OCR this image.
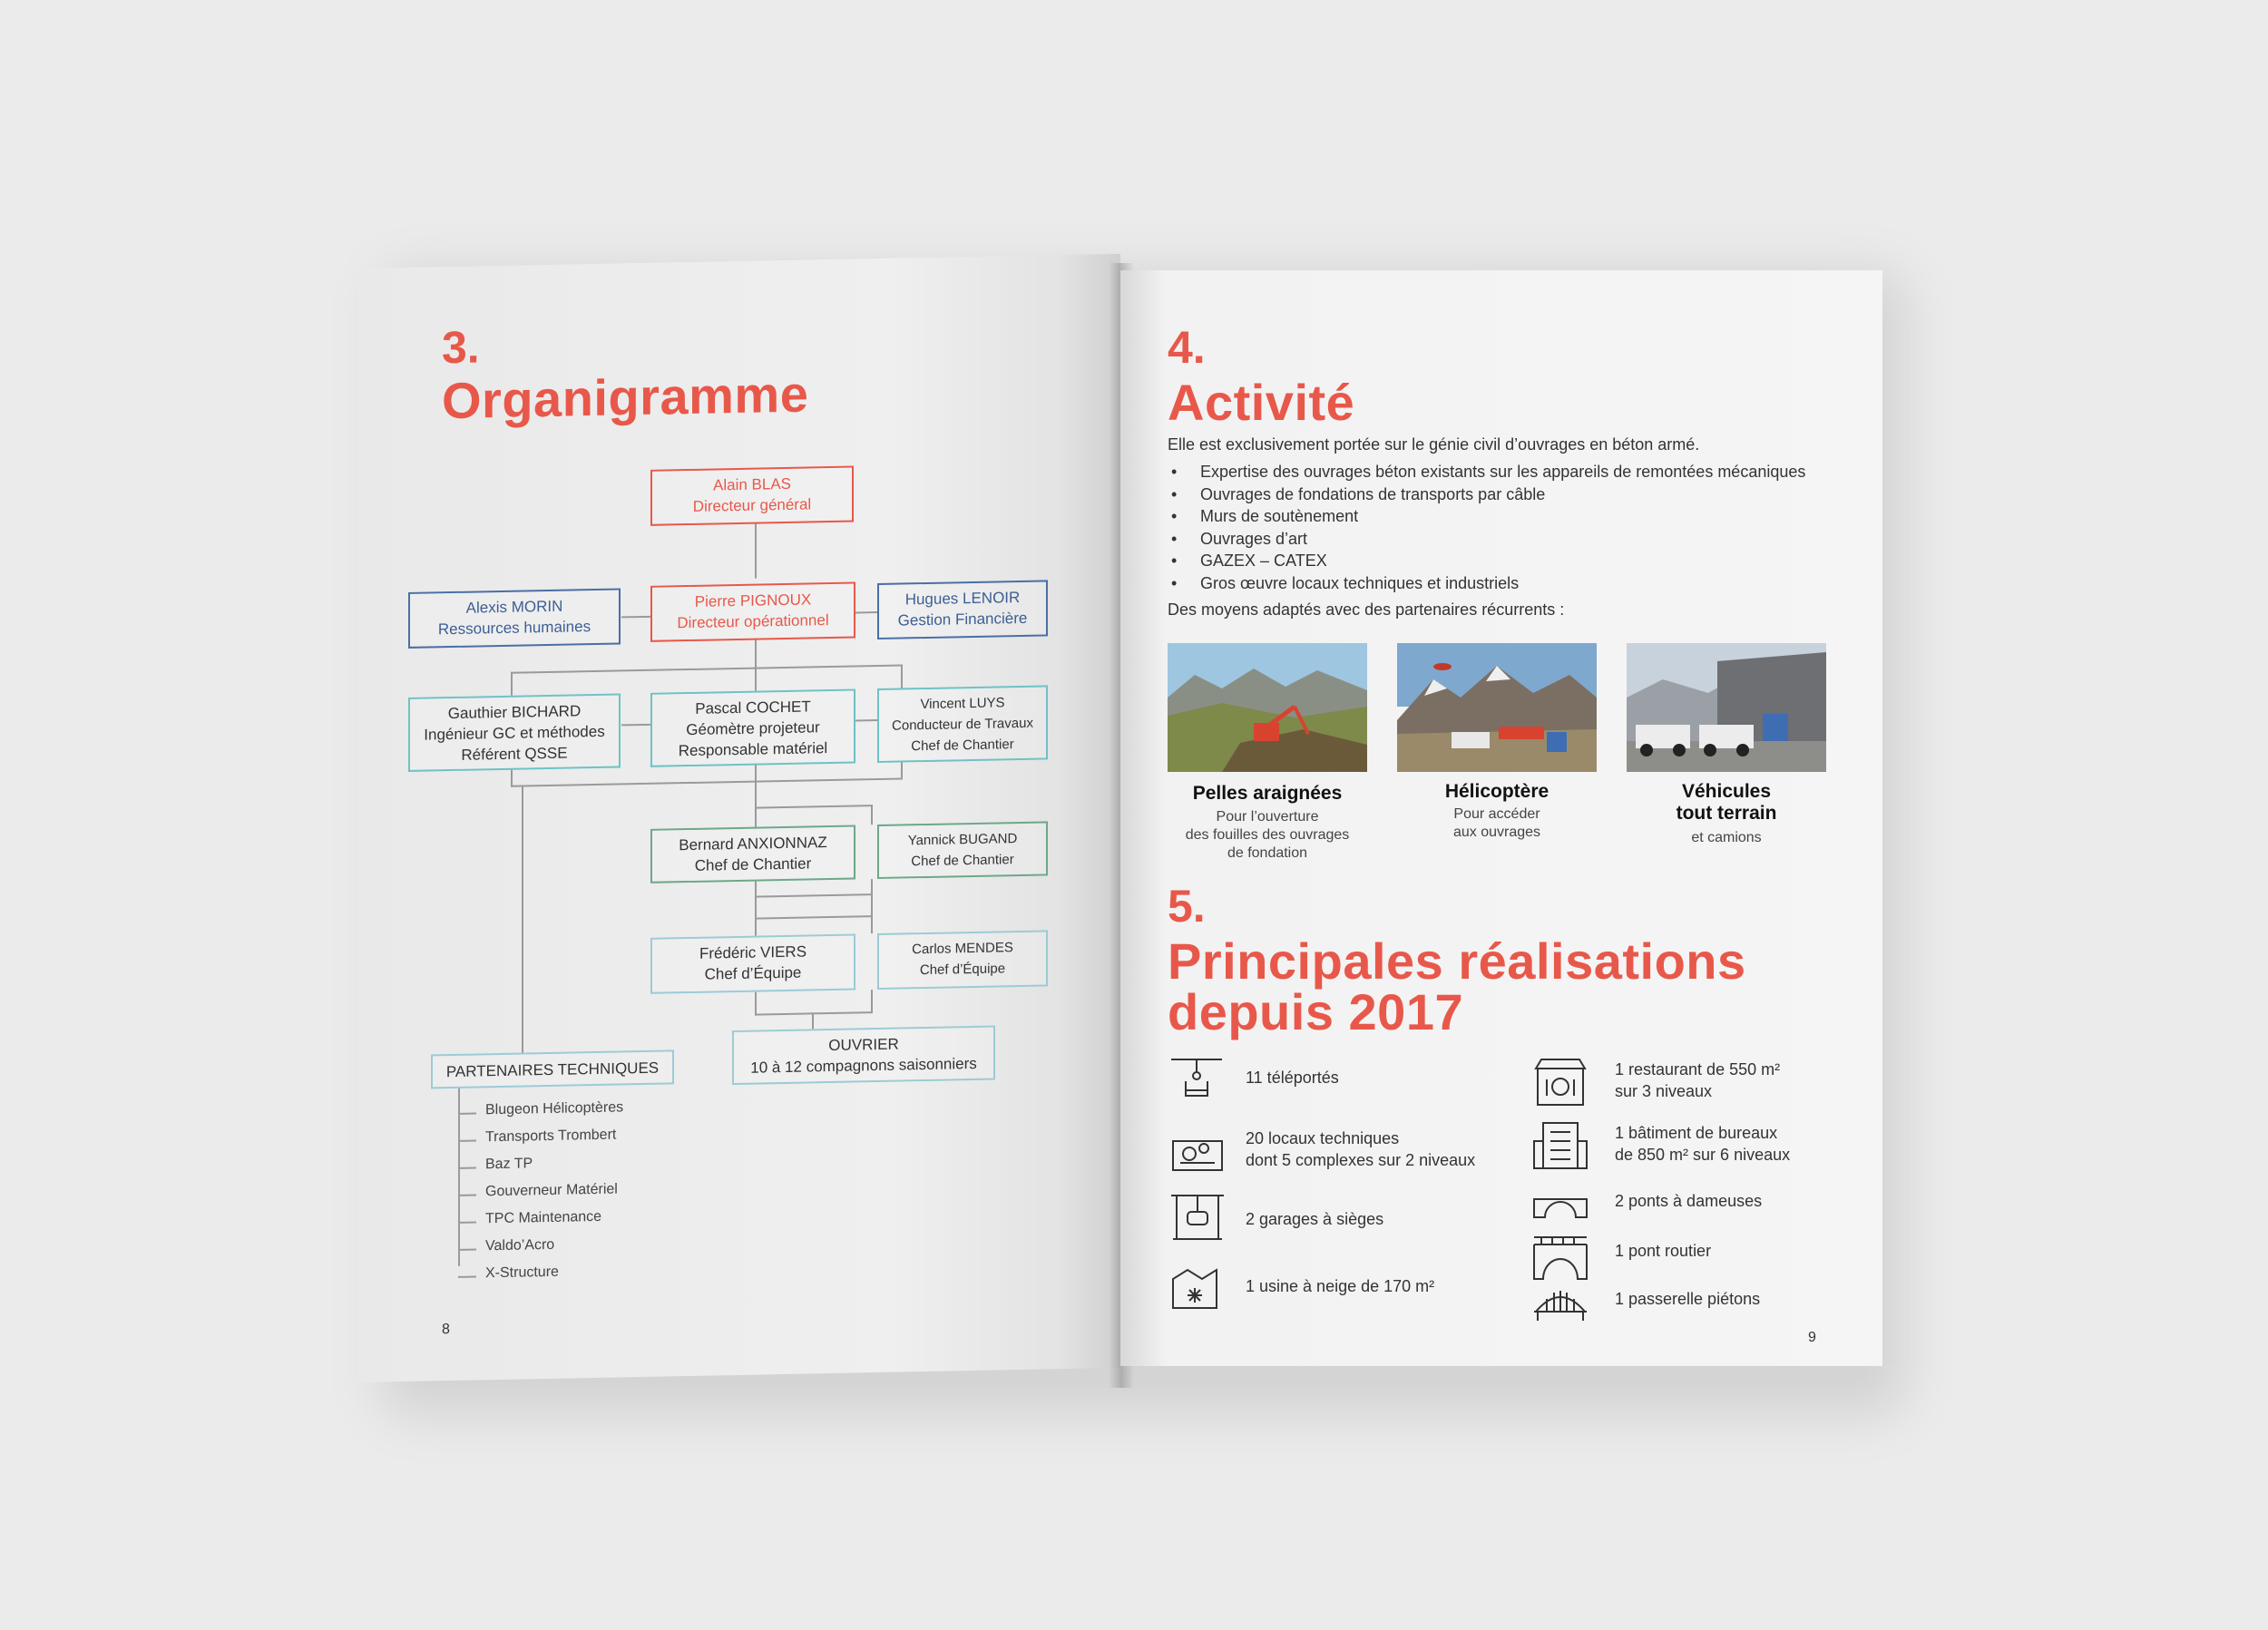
3.
Organigramme
Alain BLAS
Directeur général
Pierre PIGNOUX
Directeur opérationnel
Alexis MORIN
Ressources humaines
Hugues LENOIR
Gestion Financière
Gauthier BICHARD
Ingénieur GC et méthodes
Référent QSSE
Pascal COCHET
Géomètre projeteur
Responsable matériel
Vincent LUYS
Conducteur de Travaux
Chef de Chantier
Bernard ANXIONNAZ
Chef de Chantier
Yannick BUGAND
Chef de Chantier
Frédéric VIERS
Chef d’Équipe
Carlos MENDES
Chef d’Équipe
OUVRIER
10 à 12 compagnons saisonniers
PARTENAIRES TECHNIQUES
Blugeon Hélicoptères
Transports Trombert
Baz TP
Gouverneur Matériel
TPC Maintenance
Valdo’Acro
X-Structure
8
4.
Activité
Elle est exclusivement portée sur le génie civil d’ouvrages en béton armé.
• Expertise des ouvrages béton existants sur les appareils de remontées mécaniques
• Ouvrages de fondations de transports par câble
• Murs de soutènement
• Ouvrages d’art
• GAZEX – CATEX
• Gros œuvre locaux techniques et industriels
Des moyens adaptés avec des partenaires récurrents :
Pelles araignées
Pour l’ouverture
des fouilles des ouvrages
de fondation
Hélicoptère
Pour accéder
aux ouvrages
Véhicules
tout terrain
et camions
5.
Principales réalisations
depuis 2017
11 téléportés
20 locaux techniques
dont 5 complexes sur 2 niveaux
2 garages à sièges
1 usine à neige de 170 m²
1 restaurant de 550 m²
sur 3 niveaux
1 bâtiment de bureaux
de 850 m² sur 6 niveaux
2 ponts à dameuses
1 pont routier
1 passerelle piétons
9
